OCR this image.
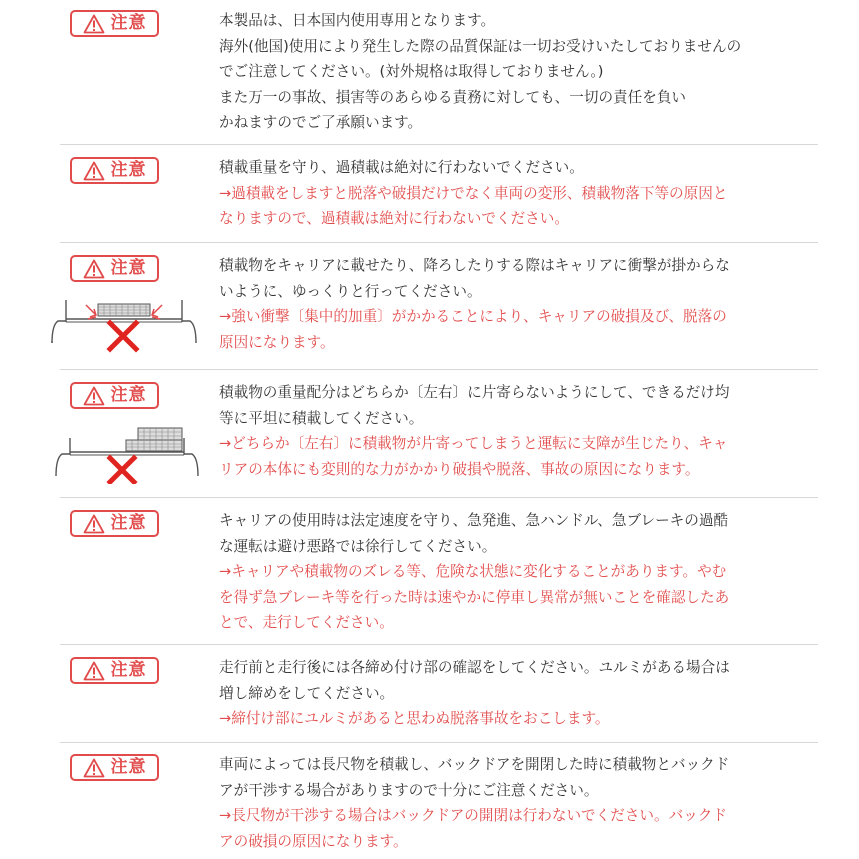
注意	本製品は、日本国内使用専用となります。

海外(他国)使用により発生した際の品質保証は一切お受けいたしておりませんの

でご注意してください。(対外規格は取得しておりません。)

また万一の事故、損害等のあらゆる責務に対しても、一切の責任を負い

かねますのでご了承願います。

注意	積載重量を守り、過積載は絶対に行わないでください。

→過積載をしますと脱落や破損だけでなく車両の変形、積載物落下等の原因と

なりますので、過積載は絶対に行わないでください。

注意	積載物をキャリアに載せたり、降ろしたりする際はキャリアに衝撃が掛からな

いように、ゆっくりと行ってください。

→強い衝撃〔集中的加重〕がかかることにより、キャリアの破損及び、脱落の

原因になります。

注意	積載物の重量配分はどちらか〔左右〕に片寄らないようにして、できるだけ均

等に平坦に積載してください。

→どちらか〔左右〕に積載物が片寄ってしまうと運転に支障が生じたり、キャ

リアの本体にも変則的な力がかかり破損や脱落、事故の原因になります。

注意	キャリアの使用時は法定速度を守り、急発進、急ハンドル、急ブレーキの過酷

な運転は避け悪路では徐行してください。

→キャリアや積載物のズレる等、危険な状態に変化することがあります。やむ

を得ず急ブレーキ等を行った時は速やかに停車し異常が無いことを確認したあ

とで、走行してください。

注意	走行前と走行後には各締め付け部の確認をしてください。ユルミがある場合は

増し締めをしてください。

→締付け部にユルミがあると思わぬ脱落事故をおこします。

注意	車両によっては長尺物を積載し、バックドアを開閉した時に積載物とバックド

アが干渉する場合がありますので十分にご注意ください。

→長尺物が干渉する場合はバックドアの開閉は行わないでください。バックド

アの破損の原因になります。
